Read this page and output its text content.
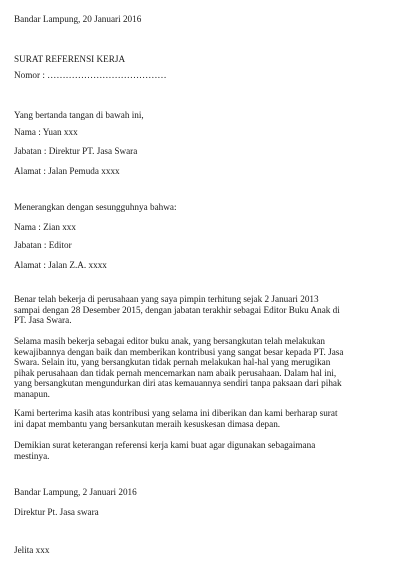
Bandar Lampung, 20 Januari 2016
SURAT REFERENSI KERJA
Nomor : …………………………………
Yang bertanda tangan di bawah ini,
Nama : Yuan xxx
Jabatan : Direktur PT. Jasa Swara
Alamat : Jalan Pemuda xxxx
Menerangkan dengan sesungguhnya bahwa:
Nama : Zian xxx
Jabatan : Editor
Alamat : Jalan Z.A. xxxx
Benar telah bekerja di perusahaan yang saya pimpin terhitung sejak 2 Januari 2013
sampai dengan 28 Desember 2015, dengan jabatan terakhir sebagai Editor Buku Anak di
PT. Jasa Swara.
Selama masih bekerja sebagai editor buku anak, yang bersangkutan telah melakukan
kewajibannya dengan baik dan memberikan kontribusi yang sangat besar kepada PT. Jasa
Swara. Selain itu, yang bersangkutan tidak pernah melakukan hal-hal yang merugikan
pihak perusahaan dan tidak pernah mencemarkan nam abaik perusahaan. Dalam hal ini,
yang bersangkutan mengundurkan diri atas kemauannya sendiri tanpa paksaan dari pihak
manapun.
Kami berterima kasih atas kontribusi yang selama ini diberikan dan kami berharap surat
ini dapat membantu yang bersankutan meraih kesuskesan dimasa depan.
Demikian surat keterangan referensi kerja kami buat agar digunakan sebagaimana
mestinya.
Bandar Lampung, 2 Januari 2016
Direktur Pt. Jasa swara
Jelita xxx
